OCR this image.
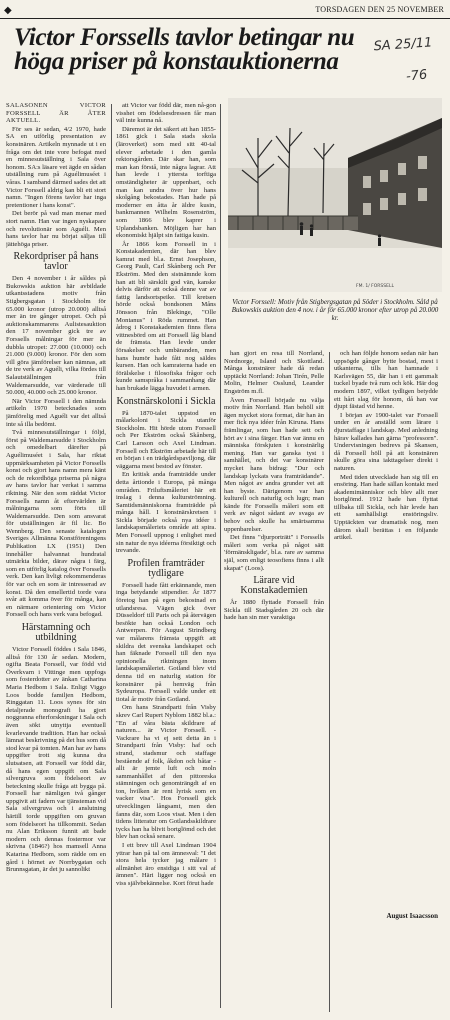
◆	TORSDAGEN DEN 25 NOVEMBER
Victor Forssells tavlor betingar nu höga priser på konstauktionerna
SA 25/11
-76

SALASONEN VICTOR FORSSELL ÄR ÅTER AKTUELL.

För ses är sedan, 4/2 1970, hade SA en utförlig presentation av konstnären. Artikeln mynnade ut i en fråga om det inte vore befogat med en minnesutställning i Sala över honom. SA:s läsare vet ägde en sådan utställning rum på Aguélimuséet i våras. I samband därmed sades det att Victor Forssell aldrig kan bli ett stort namn. "Ingen förens tavlor har inga pretentioner i hans konst".

Det berör på vad man menar med stort namn. Han var ingen nyskapare och revolutionär som Aguéli. Men hans tavlor har nu börjat säljas till jättehöga priser.

Rekordpriser på hans tavlor

Den 4 november i år såldes på Bukowskis auktion här avbildade utkantsstadens motiv från Stigbergsgatan i Stockholm för 65.000 kronor (utrop 20.000) alltså mer än tre gånger utropet. Och på auktionskammarens Aulistesauktion den 17 november gick tre av Forssells målningar för mer än dubbla utropet: 27.000 (10.000) och 21.000 (9.000) kronor. För den som vill göra jämförelser kan nämnas, att de tre verk av Aguéli, vilka fördes till Salautställningen från Waldemarsudde, var värderade till 50.000, 40.000 och 25.000 kronor.

När Victor Forssell i den nämnda artikeln 1970 betecknades som jämförelig med Aguéli var det alltså inte så illa bedömt.

Två minnesutställningar i följd, först på Waldemarsudde i Stockholm och omedelbart därefter på Aguélimuséet i Sala, har riktat uppmärksamheten på Victor Forssells konst och gjort hans namn mera känt och de rekordhöga priserna på några av hans tavlor har verkat i samma riktning. När den som räddat Victor Forssells namn åt eftervärlden är målningarna som förts till Waldemarsudde. Den som ansvarat för utställningen är fil lic. Bo Wennberg. Den senaste katalogen Sveriges Allmänna Konstföreningens Publikation LX (1951) Den innehåller halvannat hundratal utmärkta bilder, därav några i färg, som en utförlig katalog över Forssells verk. Den kan livligt rekommenderas för var och en som är intresserad av konst. Då den emellertid torde vara svår att komma över för många, kan en närmare orientering om Victor Forssell och hans verk vara befogad.

Härstamning och utbildning

Victor Forssell föddes i Sala 1846, alltså för 130 år sedan. Modern, ogifta Beata Forssell, var född vid Överkvarn i Vittinge men uppfogs som fosterdotter av änkan Catharina Maria Hedbom i Sala. Enligt Viggo Loos bodde familjen Hedbom, Ringgatan 11. Loos synes för sin detaljerade monografi ha gjort noggranna efterforskningar i Sala och även sökt utnyttja eventuell kvarlevande tradition. Han har också lämnat beskrivning på det hus som då stod kvar på tomten. Man har av hans uppgifter trott sig kunna dra slutsatsen, att Forssell var född där, då hans egen uppgift om Sala silvergruva som födelseort av beteckning skulle fråga att bygga på. Forssell har nämligen två gånger uppgivit att fadern var tjänsteman vid Sala silvergruva och i anslutning härtill torde uppgiften om gruvan som födelseort ha tillkommit. Sedan nu Alan Eriksson funnit att bade modern och dennas fostermor var skrivna (1846?) hos mamsell Anna Katarina Hedbom, som rädde om en gård i hörnet av Norrbygatan och Brunnsgatan, är det ju sannolikt

att Victor var född där, men nå-gon visshet om födelsesdressen får man väl inte kunna nå.

Däremot är det säkert att han 1855-1861 gick i Sala stads skola (läroverket) som med sitt 40-tal elever arbetade i den gamla rektorsgården. Där skar han, som man kan förstå, inte några lagrar. Att han levde i yttersta torftiga omständigheter är uppenbart, och man kan undra över hur hans skolgång bekostades. Han hade på moderner en åtta år äldre kusin, bankmannen Wilhelm Rosenström, som 1866 blev kaprer i Uplandsbanken. Möjligen har han ekonomiskt hjälpt sin fattiga kusin.

År 1866 kom Forssell in i Konstakademien, där han blev kamrat med bl.a. Ernst Josephson, Georg Pauli, Carl Skånberg och Per Ekström. Med den sistnämnde kom han att bli särskilt god vän, kanske delvis därför att också denne var av fattig landsortspeike. Till kretsen hörde också bondsonen Måns Jönsson från Blekinge, "Olle Montanus" i Röda rummet. Han ådrog i Konstakademien finns flera vittnesbörd om att Forssell låg bland de främsta. Han levde under försakelser och umbäranden, men hans humör hade fått nog säldes kursen. Han och kamraterna hade en förälskelse i filosofiska frågor och kunde samspråka i sammanhang där han brukade lägga huvudet i armen.

Konstnärskoloni i Sickla

På 1870-talet uppstod en målarkoloni i Sickla utanför Stockholm. Hit hörde utom Forssell och Per Ekström också Skånberg, Carl Larsson och Axel Lindman. Forssell och Ekström arbetade här till en början i en trädgårdspaviljong, där väggarna mest bestod av fönster.

En kritisk anda framträdde under detta årtionde i Europa, på många områden. Friluftsmåleriet här ett inslag i denna kulturströmning. Samtidsmänniskorna framträdde på många håll. I konstnärskretsen i Sickla började också nya idéer i landskapsmåleriets område att spira. Men Forssell uppnog i enlighet med sin natur de nya idéerna försiktigt och trevande.

Profilen framträder tydligare

Forssell hade fått erkännande, men inga betydande stipendier. År 1877 företog han på egen bekostnad en utlandsresa. Vägen gick över Düsseldorf till Paris och på återvägen besökte han också London och Antwerpen. För August Strindberg var målarens främsta uppgift att skildra det svenska landskapet och han fäknade Forssell till den nya opinionella riktningen inom landskapsmåleriet. Gotland blev vid denna tid en naturlig station för konstnärer på hemväg från Sydeuropa. Forssell valde under ett tiotal år motiv från Gotland.

Om hans Strandparti från Visby skrev Carl Rupert Nyblom 1882 bl.a.: "En af våra bästa skildrare af naturen... är Victor Forssell. - Vackrare ha vi ej sett detta än i Strandparti från Visby: haf och strand, stadsmur och staffage bestående af folk, åkdon och båtar - allt är jemte luft och moln sammanhållet af den pittoreska stämningen och genomträngdt af en ton, hvilken är rent lyrisk som en vacker visa". Hos Forssell gick utvecklingen långsamt, men den fanns där, som Loos visat. Men i den tidens litteratur om Gotlandsskildrare tycks han ha blivit bortglömd och det blev han också senare.

I ett brev till Axel Lindman 1904 yttrar han på tal om ämnesval: "I det stora hela tycker jag målare i allmänhet äro ensidiga i sitt val af ämnen". Häri ligger nog också en viss självbekännelse. Kort förut hade

FM. 1/ FORSSELL
Victor Forssell: Motiv från Stigbergsgatan på Söder i Stockholm. Såld på Bukowskis auktion den 4 nov. i år för 65.000 kronor efter utrop på 20.000 kr.

han gjort en resa till Norrland, Nordnorge, Island och Skottland. Många konstnärer hade då redan upptäckt Norrland: Johan Tirén, Pelle Molin, Helmer Osslund, Leander Engström m.fl.

Även Forssell började nu välja motiv från Norrland. Han behöll sitt ägen mycket stora format, där han än mer fick nya idéer från Kiruna. Hans främlingar, som han hade sett och hört av i sina färger. Han var ännu en människa förskjuten i konstnärlig mening. Han var ganska tyst i samhället, och det var konstnärer mycket hans bidrag: "Dur och landskap lyckats vara framträdande". Men något av andra grunder vet att han byste. Därigenom var han kulturell och naturlig och lugn; man kände för Forssells måleri som ett verk av något sådant av svaga av behov och skulle ha smärtsamma uppenbarelser.

Det finns "djurporträtt" i Forssells måleri som verka på något sätt 'förmänskligade', bl.a. rare av samma själ, som enligt teosofiens finns i allt skapat" (Loos).

Lärare vid Konstakademien

År 1880 flyttade Forssell från Sickla till Stadsgården 20 och där hade han sin mer varaktiga

och han följde honom sedan när han uppsögde gånger bytte bostad, mest i utkanterna, tills han hamnade i Karlsvägen 55, där han i ett gammalt tuckel byade två rum och kök. Här dog modern 1897, vilket tydligen betydde ett hårt slag för honom, då han var djupt fästad vid henne.

I början av 1900-talet var Forssell under en år anställd som lärare i djurstaffage i landskap. Med anledning härav kallades han gärna "professorn". Undervisningen bedrevs på Skansen, då Forssell höll på att konstnären skulle göra sina iakttagelser direkt i naturen.

Med tiden utvecklade han sig till en ensöring. Han hade sällan kontakt med akademimänniskor och blev allt mer bortglömd. 1912 hade han flyttat tillbaka till Sickla, och här levde han ett samhällsligt enstöringsliv. Upptäckten var dramatisk nog, men därom skall berättas i en följande artikel.

August Isaacsson
